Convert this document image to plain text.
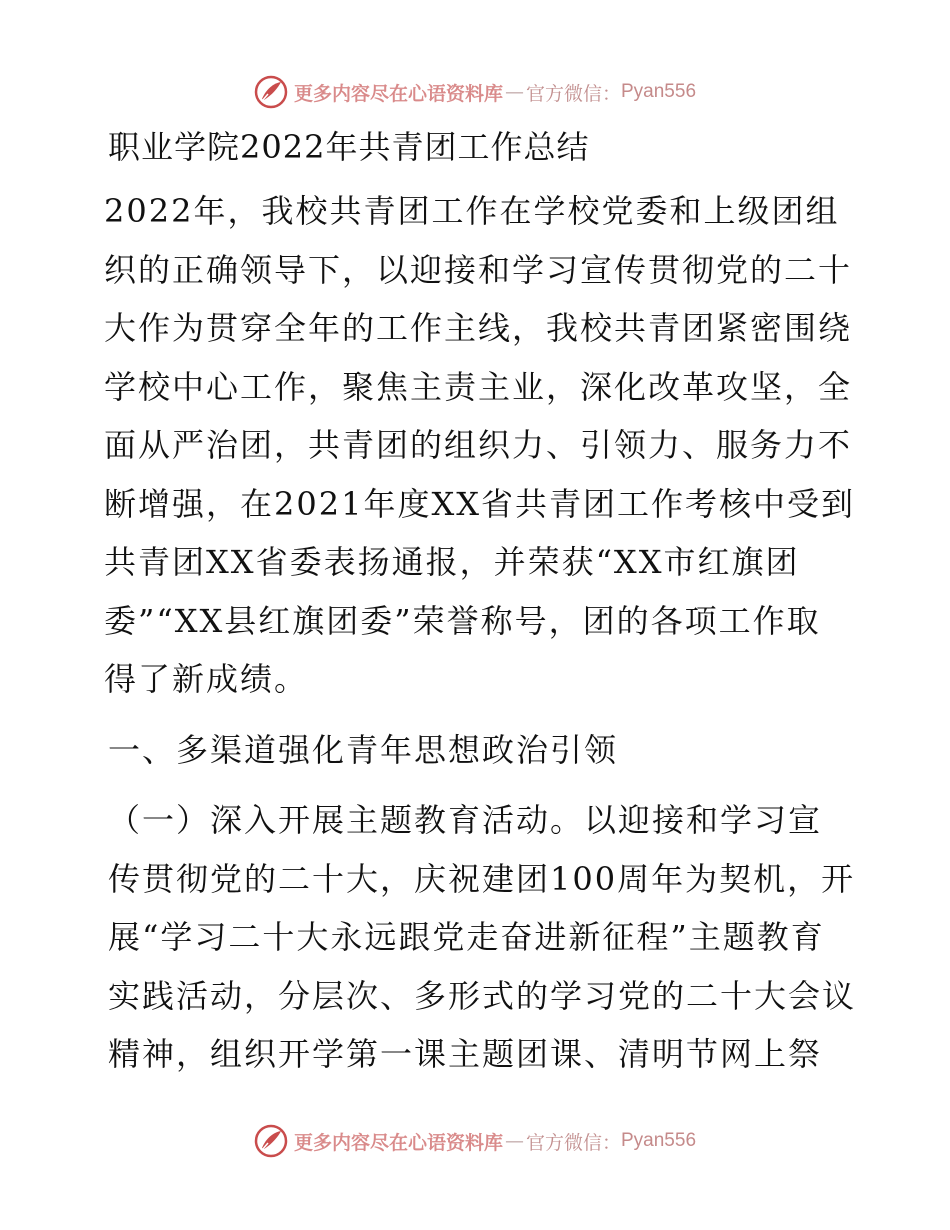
更多内容尽在心语资料库 — 官方微信： Pyan556
职业学院2022年共青团工作总结

2022年，我校共青团工作在学校党委和上级团组
织的正确领导下，以迎接和学习宣传贯彻党的二十
大作为贯穿全年的工作主线，我校共青团紧密围绕
学校中心工作，聚焦主责主业，深化改革攻坚，全
面从严治团，共青团的组织力、引领力、服务力不
断增强，在2021年度XX省共青团工作考核中受到
共青团XX省委表扬通报，并荣获“XX市红旗团
委”“XX县红旗团委”荣誉称号，团的各项工作取
得了新成绩。

一、多渠道强化青年思想政治引领

（一）深入开展主题教育活动。以迎接和学习宣
传贯彻党的二十大，庆祝建团100周年为契机，开
展“学习二十大永远跟党走奋进新征程”主题教育
实践活动，分层次、多形式的学习党的二十大会议
精神，组织开学第一课主题团课、清明节网上祭

更多内容尽在心语资料库 — 官方微信： Pyan556
